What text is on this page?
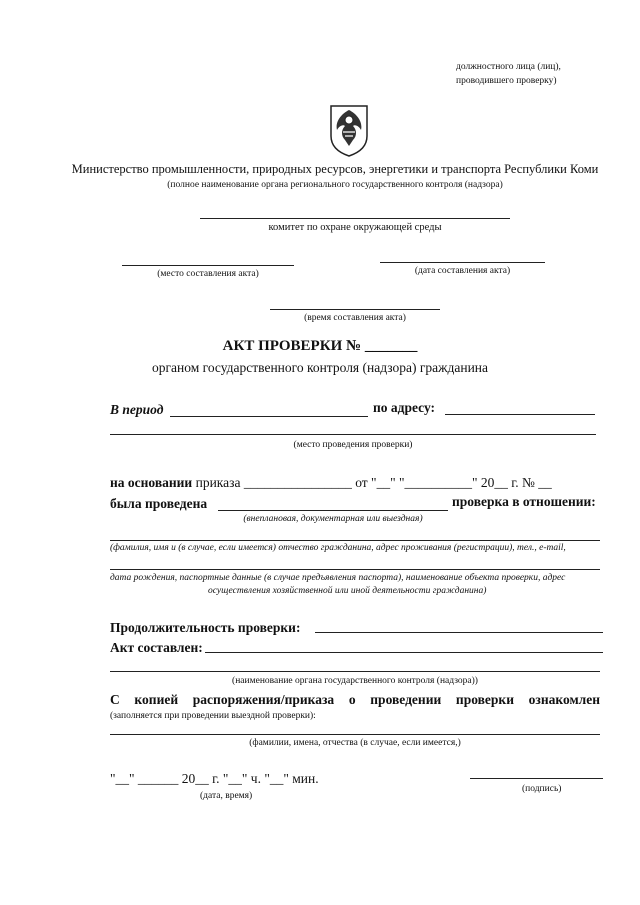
должностного лица (лиц),
проводившего проверку)
Министерство промышленности, природных ресурсов, энергетики и транспорта Республики Коми
(полное наименование органа регионального государственного контроля (надзора)
комитет по охране окружающей среды
(место составления акта)	(дата составления акта)
(время составления акта)
АКТ ПРОВЕРКИ № _______
органом государственного контроля (надзора) гражданина
В период	по адресу:
(место проведения проверки)
на основании приказа ________________ от "__" "__________" 20__ г. № __
была проведена	проверка в отношении:
(внеплановая, документарная или выездная)
(фамилия, имя и (в случае, если имеется) отчество гражданина, адрес проживания (регистрации), тел., e-mail,
дата рождения, паспортные данные (в случае предъявления паспорта), наименование объекта проверки, адрес
осуществления хозяйственной или иной деятельности гражданина)
Продолжительность проверки:
Акт составлен:
(наименование органа государственного контроля (надзора))
С копией распоряжения/приказа о проведении проверки ознакомлен
(заполняется при проведении выездной проверки):
(фамилии, имена, отчества (в случае, если имеется,)
"__" ______ 20__ г. "__" ч. "__" мин.
(дата, время)
(подпись)
